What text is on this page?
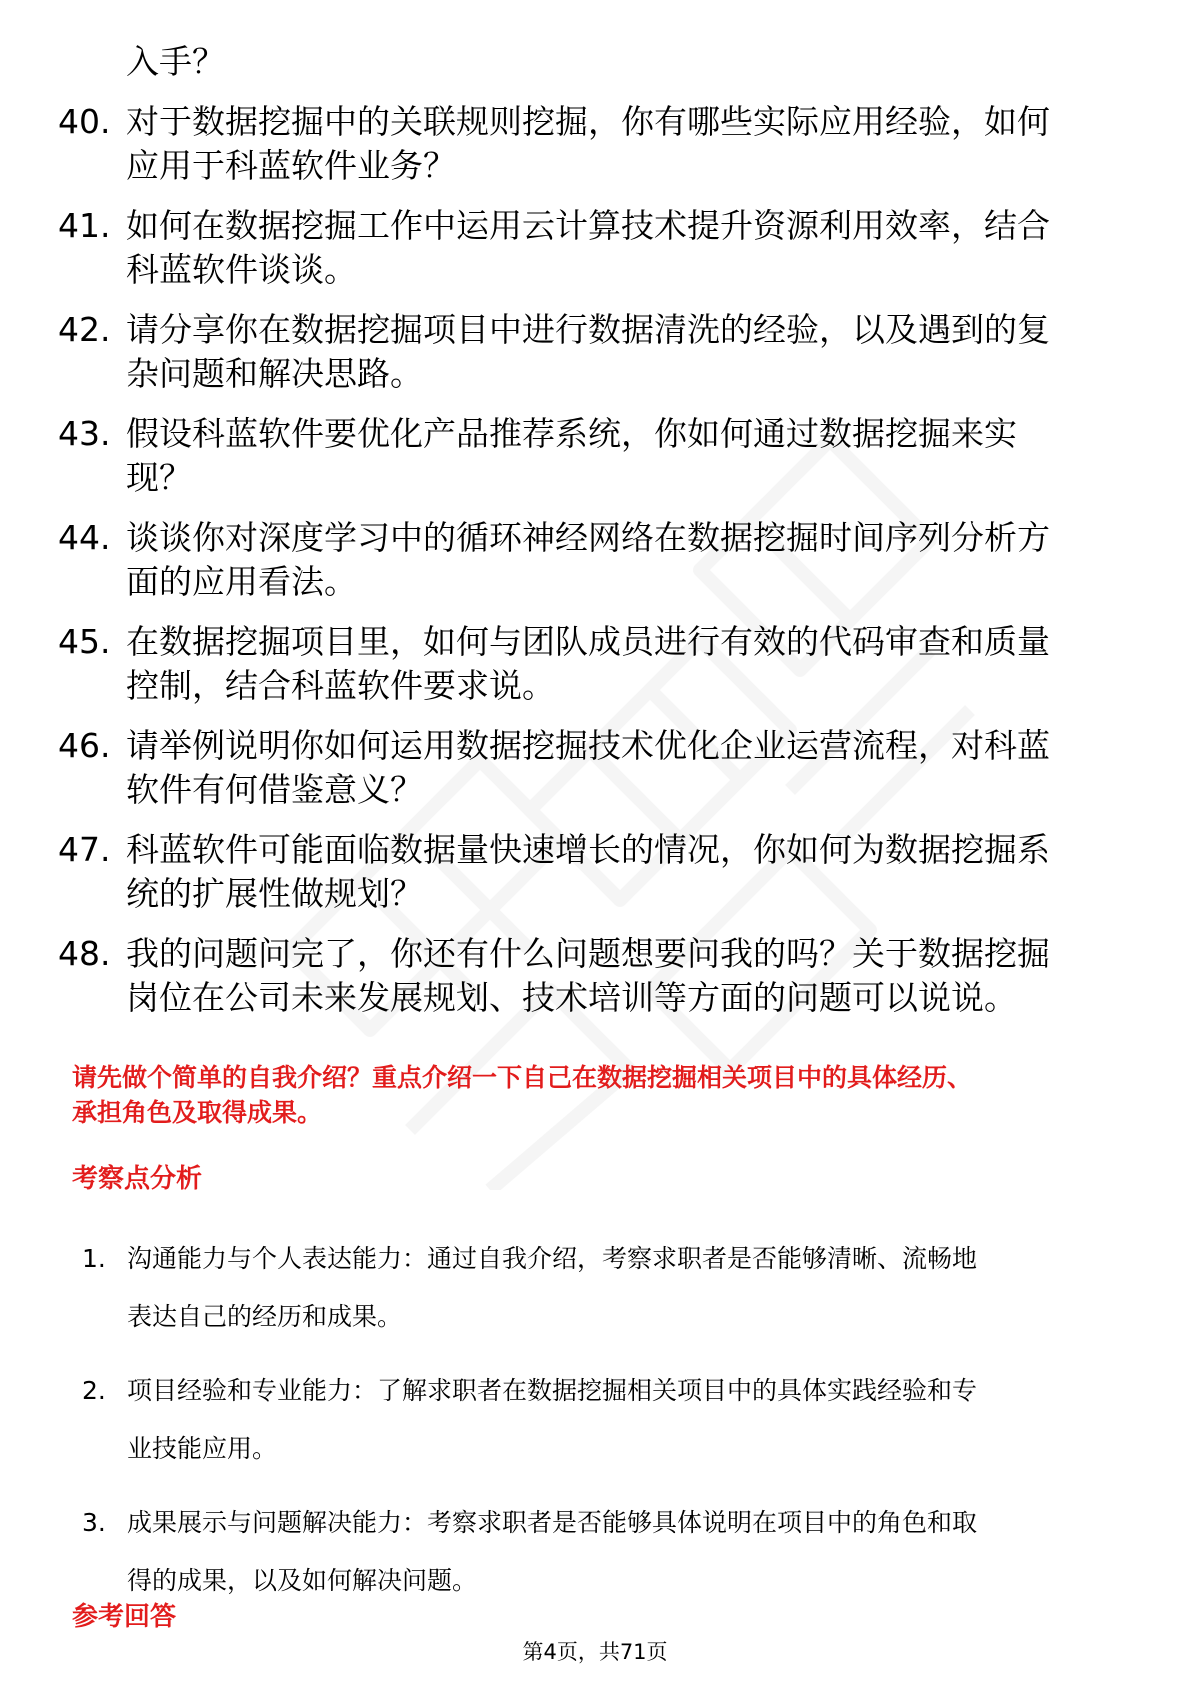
入手？
40. 对于数据挖掘中的关联规则挖掘，你有哪些实际应用经验，如何
应用于科蓝软件业务？
41. 如何在数据挖掘工作中运用云计算技术提升资源利用效率，结合
科蓝软件谈谈。
42. 请分享你在数据挖掘项目中进行数据清洗的经验，以及遇到的复
杂问题和解决思路。
43. 假设科蓝软件要优化产品推荐系统，你如何通过数据挖掘来实
现？
44. 谈谈你对深度学习中的循环神经网络在数据挖掘时间序列分析方
面的应用看法。
45. 在数据挖掘项目里，如何与团队成员进行有效的代码审查和质量
控制，结合科蓝软件要求说。
46. 请举例说明你如何运用数据挖掘技术优化企业运营流程，对科蓝
软件有何借鉴意义？
47. 科蓝软件可能面临数据量快速增长的情况，你如何为数据挖掘系
统的扩展性做规划？
48. 我的问题问完了，你还有什么问题想要问我的吗？关于数据挖掘
岗位在公司未来发展规划、技术培训等方面的问题可以说说。
请先做个简单的自我介绍？重点介绍一下自己在数据挖掘相关项目中的具体经历、
承担角色及取得成果。
考察点分析
1. 沟通能力与个人表达能力：通过自我介绍，考察求职者是否能够清晰、流畅地
表达自己的经历和成果。
2. 项目经验和专业能力：了解求职者在数据挖掘相关项目中的具体实践经验和专
业技能应用。
3. 成果展示与问题解决能力：考察求职者是否能够具体说明在项目中的角色和取
得的成果，以及如何解决问题。
参考回答
第4页，共71页
